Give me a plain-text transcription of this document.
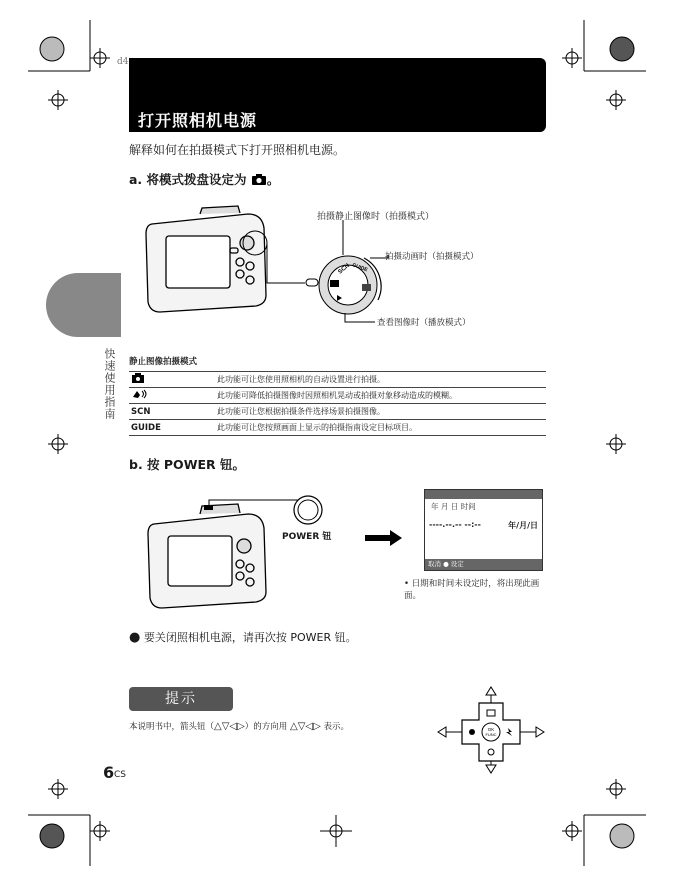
d4
打开照相机电源
解释如何在拍摄模式下打开照相机电源。
a. 将模式拨盘设定为 。
SCN GUIDE
拍摄静止图像时（拍摄模式）
拍摄动画时（拍摄模式）
查看图像时（播放模式）
快速使用指南 静止图像拍摄模式
	此功能可让您使用照相机的自动设置进行拍摄。
	此功能可降低拍摄图像时因照相机晃动或拍摄对象移动造成的模糊。
SCN	此功能可让您根据拍摄条件选择场景拍摄图像。
GUIDE	此功能可让您按照画面上显示的拍摄指南设定目标项目。
b. 按 POWER 钮。
POWER 钮
年 月 日 时间
----.--.-- --:--	年/月/日
取消 ● 设定
• 日期和时间未设定时，将出现此画面。
● 要关闭照相机电源，请再次按 POWER 钮。
提示
本说明书中，箭头钮（△▽◁▷）的方向用 △▽◁▷ 表示。	OK
FUNC
6 CS
